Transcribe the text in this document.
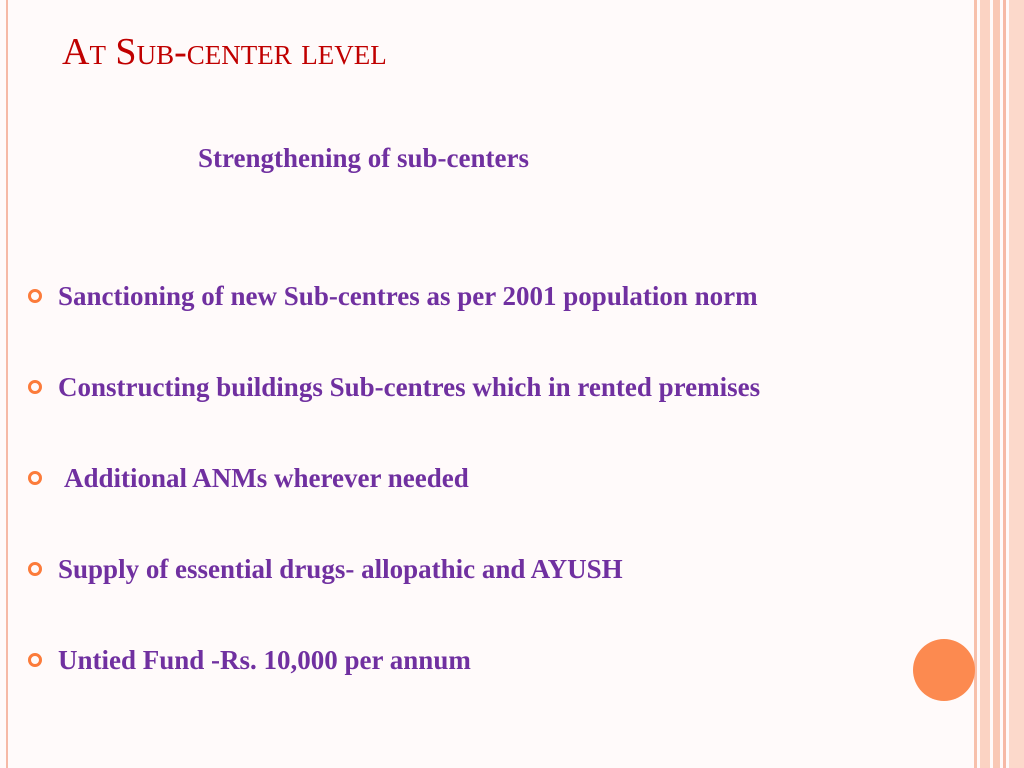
At Sub-center level
Strengthening of sub-centers
Sanctioning of new Sub-centres as per 2001 population norm
Constructing buildings Sub-centres which in rented premises
Additional ANMs wherever needed
Supply of essential drugs- allopathic and AYUSH
Untied Fund -Rs. 10,000 per annum
